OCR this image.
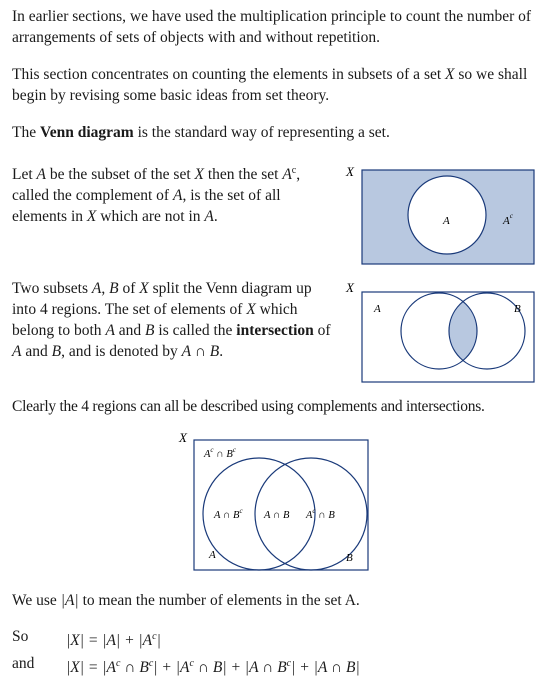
In earlier sections, we have used the multiplication principle to count the number of arrangements of sets of objects with and without repetition.

This section concentrates on counting the elements in subsets of a set X so we shall begin by revising some basic ideas from set theory.

The Venn diagram is the standard way of representing a set.

Let A be the subset of the set X then the set $A^c$, called the complement of A, is the set of all elements in X which are not in A.

X
A	$A^c$

Two subsets A, B of X split the Venn diagram up into 4 regions. The set of elements of X which belong to both A and B is called the intersection of A and B, and is denoted by A ∩ B.

X
A	B

Clearly the 4 regions can all be described using complements and intersections.

X
$A^c$ ∩ $B^c$
A ∩ $B^c$ A ∩ B $A^c$ ∩ B
A	B

We use |A| to mean the number of elements in the set A.

So $|X| = |A| + |A^c|$
and $|X| = |A^c$ ∩ $B^c| + |A^c$ ∩ B| + |A ∩ $B^c| + |A$ ∩ B|
